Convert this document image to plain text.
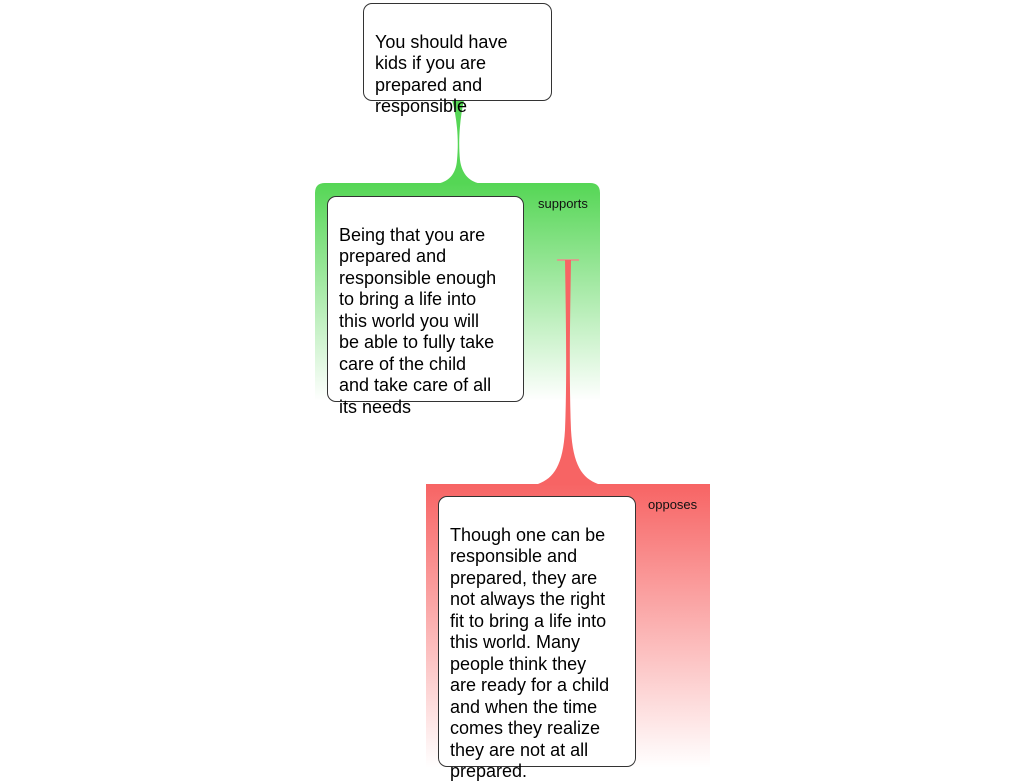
You should have
kids if you are
prepared and
responsible

supports

Being that you are
prepared and
responsible enough
to bring a life into
this world you will
be able to fully take
care of the child
and take care of all
its needs

opposes

Though one can be
responsible and
prepared, they are
not always the right
fit to bring a life into
this world. Many
people think they
are ready for a child
and when the time
comes they realize
they are not at all
prepared.
